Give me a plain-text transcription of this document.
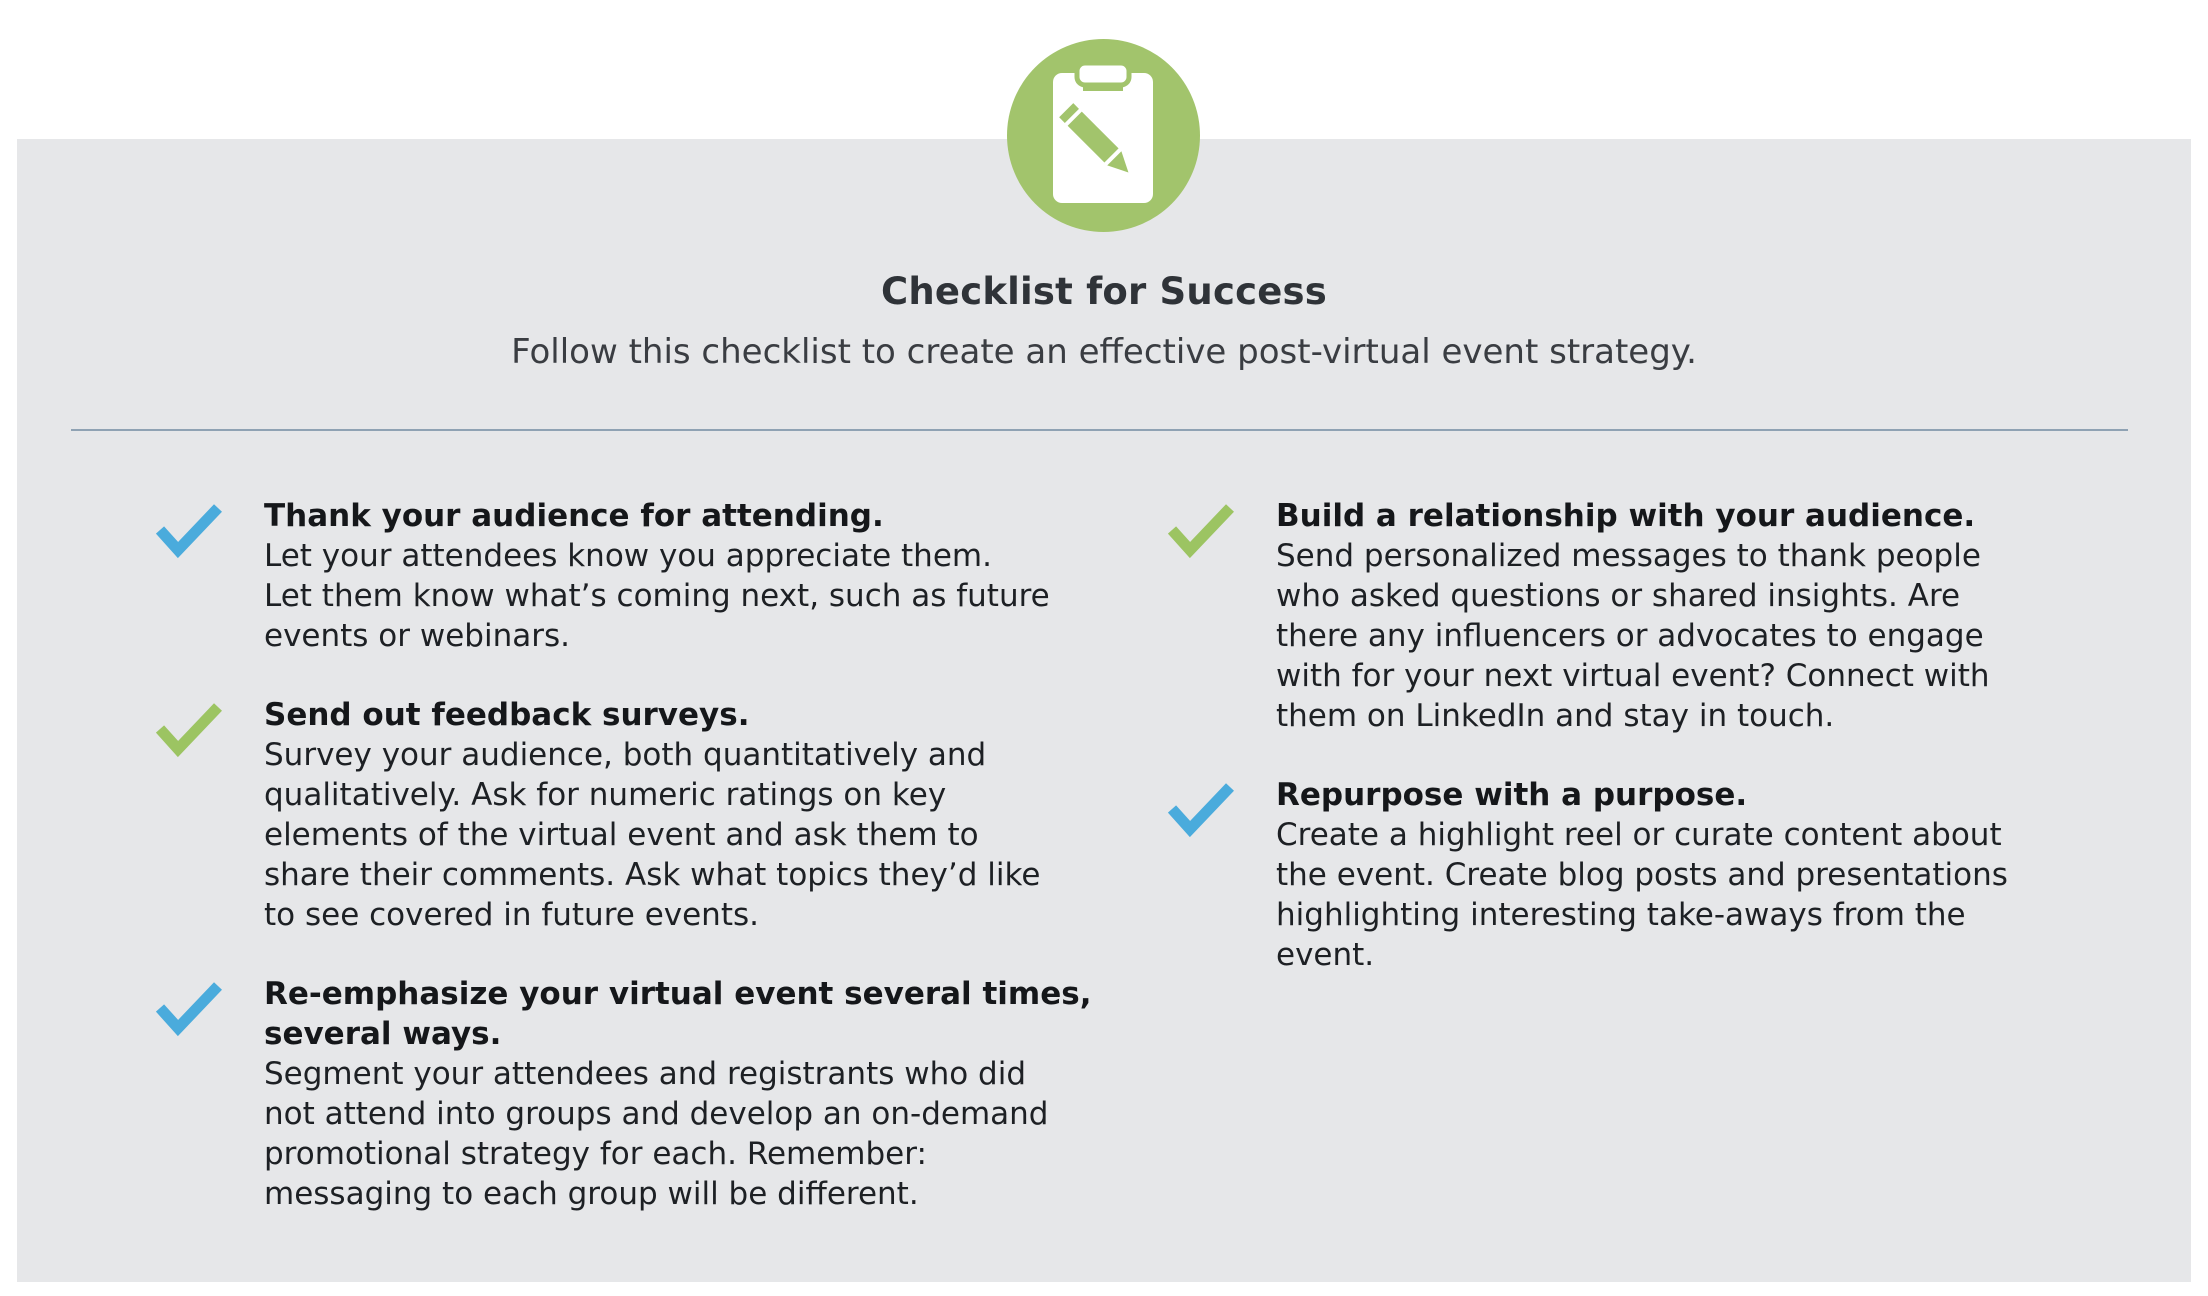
Checklist for Success
Follow this checklist to create an effective post-virtual event strategy.
Thank your audience for attending.
Let your attendees know you appreciate them.
Let them know what’s coming next, such as future
events or webinars.
Send out feedback surveys.
Survey your audience, both quantitatively and
qualitatively. Ask for numeric ratings on key
elements of the virtual event and ask them to
share their comments. Ask what topics they’d like
to see covered in future events.
Re-emphasize your virtual event several times,
several ways.
Segment your attendees and registrants who did
not attend into groups and develop an on-demand
promotional strategy for each. Remember:
messaging to each group will be different.
Build a relationship with your audience.
Send personalized messages to thank people
who asked questions or shared insights. Are
there any influencers or advocates to engage
with for your next virtual event? Connect with
them on LinkedIn and stay in touch.
Repurpose with a purpose.
Create a highlight reel or curate content about
the event. Create blog posts and presentations
highlighting interesting take-aways from the
event.
